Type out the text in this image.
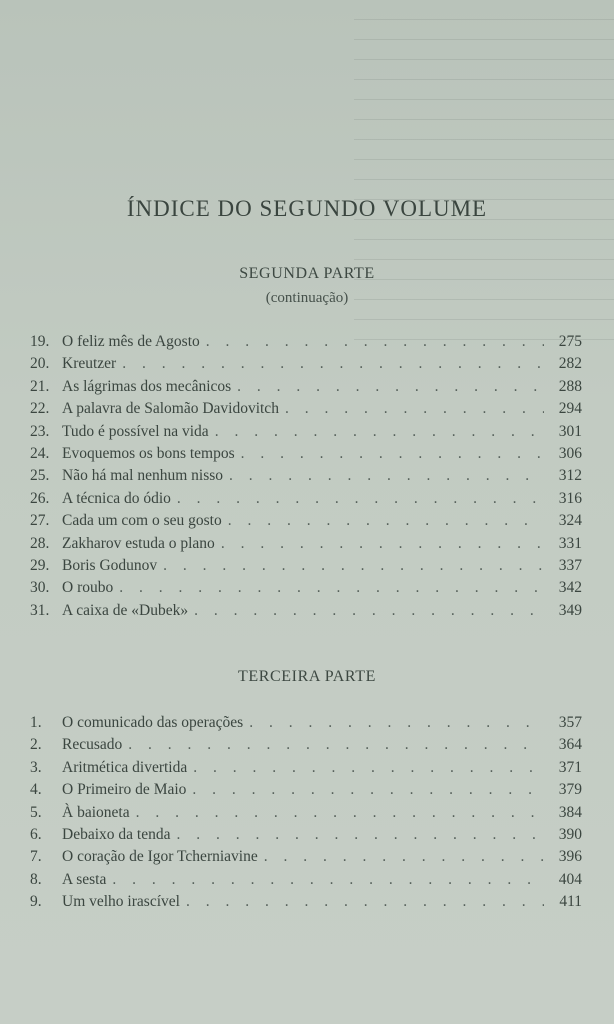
ÍNDICE DO SEGUNDO VOLUME
SEGUNDA PARTE
(continuação)
19. O feliz mês de Agosto . . .	275
20. Kreutzer . . .	282
21. As lágrimas dos mecânicos . . .	288
22. A palavra de Salomão Davidovitch . . .	294
23. Tudo é possível na vida . . .	301
24. Evoquemos os bons tempos . . .	306
25. Não há mal nenhum nisso . . .	312
26. A técnica do ódio . . .	316
27. Cada um com o seu gosto . . .	324
28. Zakharov estuda o plano . . .	331
29. Boris Godunov . . .	337
30. O roubo . . .	342
31. A caixa de «Dubek» . . .	349
TERCEIRA PARTE
1.	O comunicado das operações . . .	357
2.	Recusado . . .	364
3.	Aritmética divertida . . .	371
4.	O Primeiro de Maio . . .	379
5.	À baioneta . . .	384
6.	Debaixo da tenda . . .	390
7.	O coração de Igor Tcherniavine . . .	396
8.	A sesta . . .	404
9.	Um velho irascível . . .	411
